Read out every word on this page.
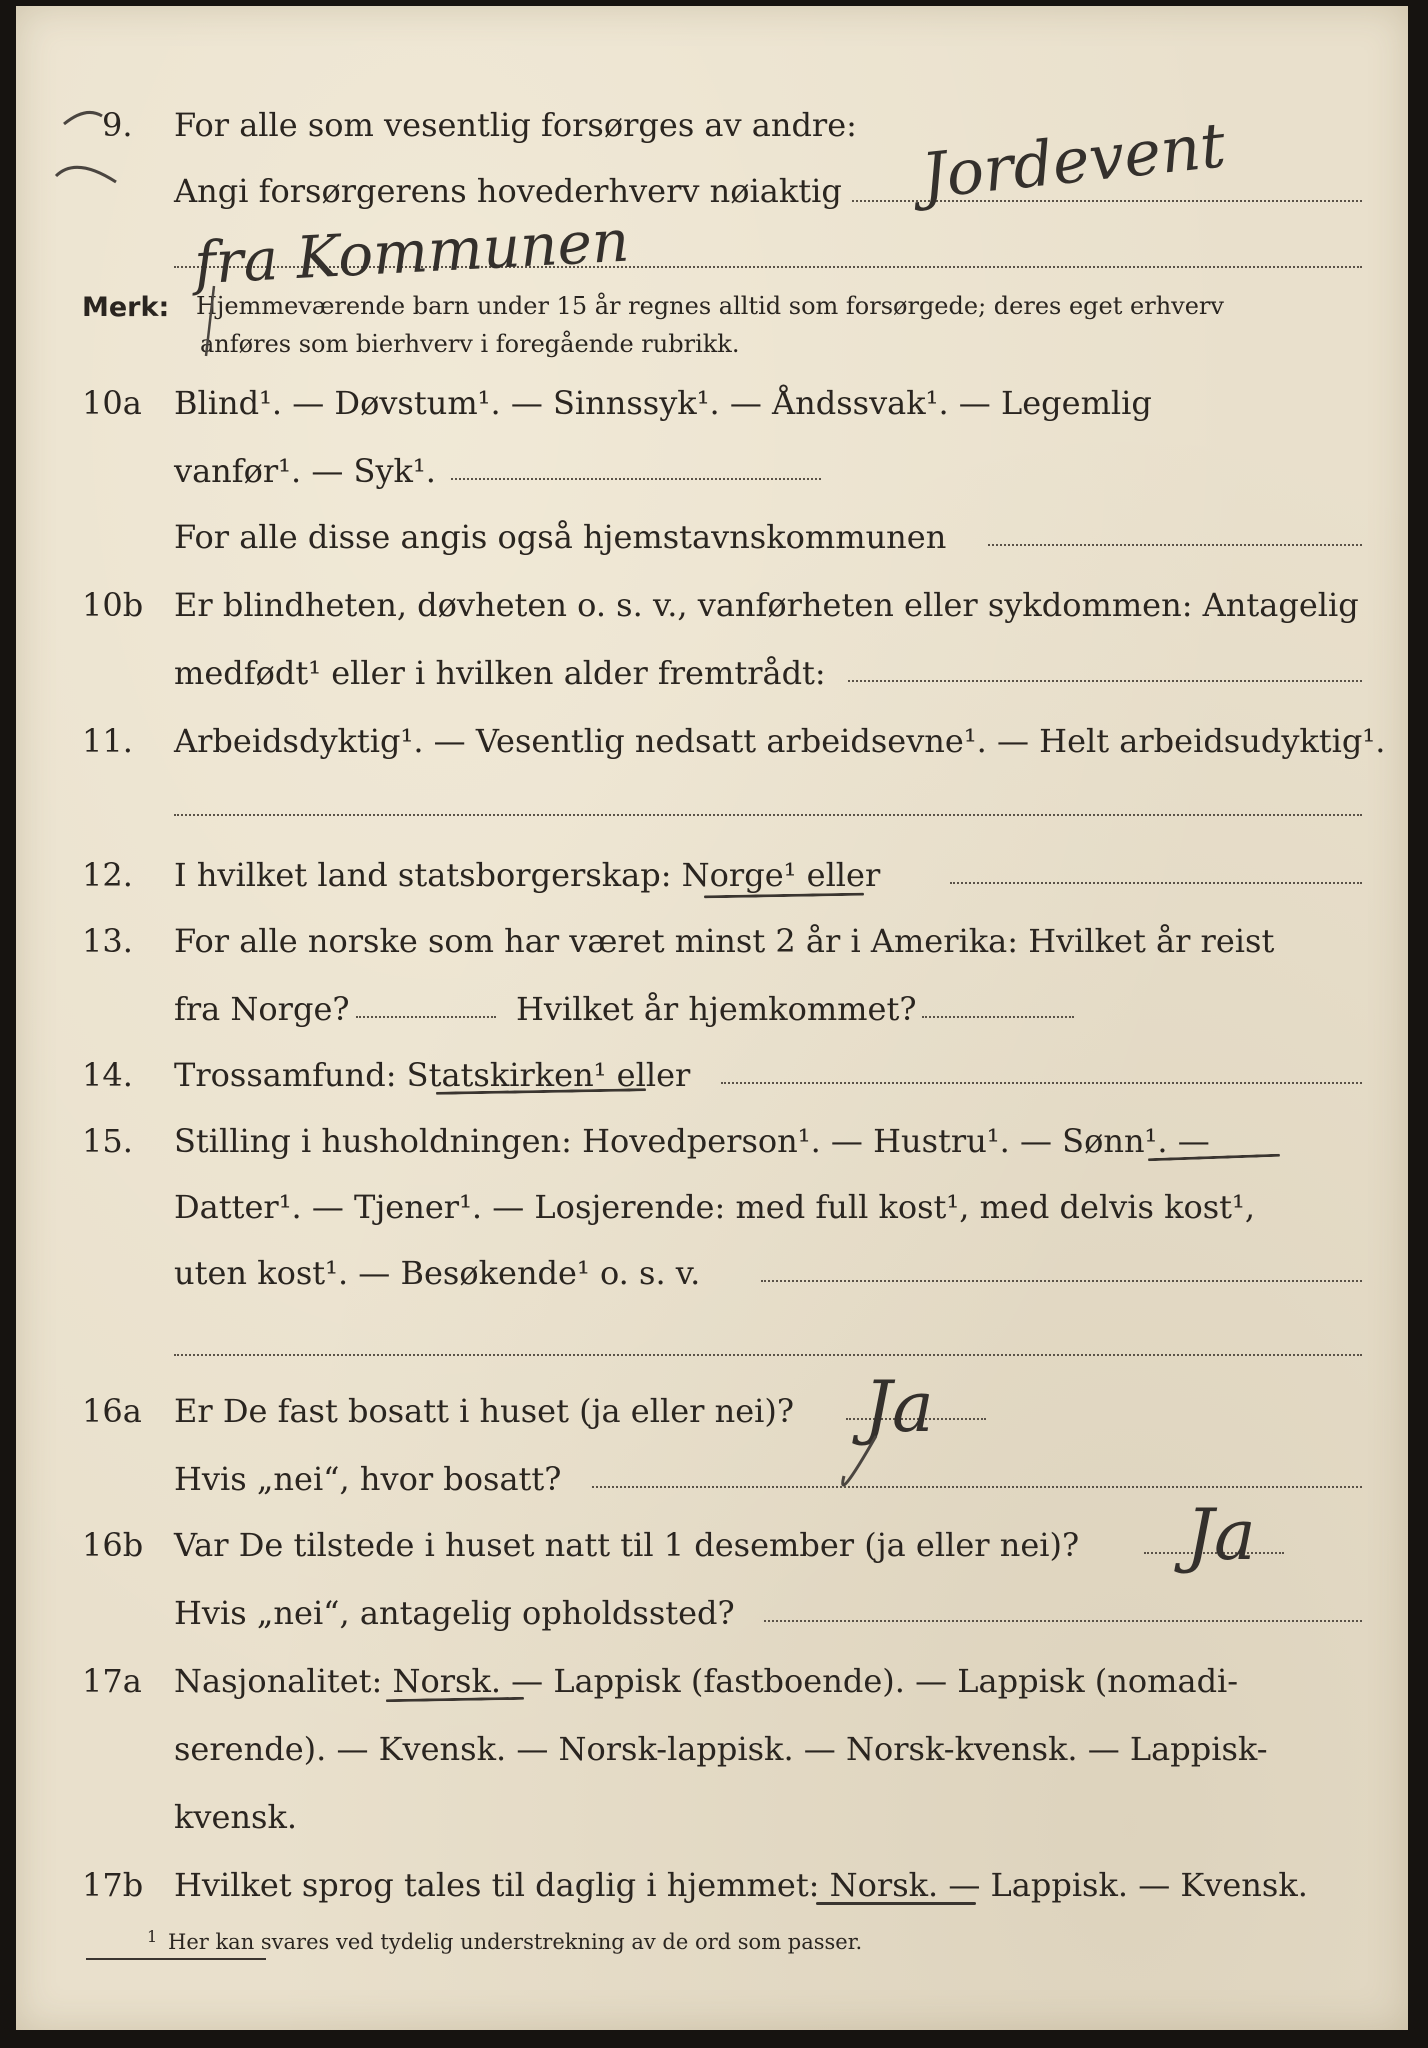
9. For alle som vesentlig forsørges av andre:
Angi forsørgerens hovederhverv nøiaktig Jordevent
fra Kommunen
Merk: Hjemmeværende barn under 15 år regnes alltid som forsørgede; deres eget erhverv
anføres som bierhverv i foregående rubrikk.
10a Blind¹. — Døvstum¹. — Sinnssyk¹. — Åndssvak¹. — Legemlig
vanfør¹. — Syk¹.
For alle disse angis også hjemstavnskommunen
10b Er blindheten, døvheten o. s. v., vanførheten eller sykdommen: Antagelig
medfødt¹ eller i hvilken alder fremtrådt:
11. Arbeidsdyktig¹. — Vesentlig nedsatt arbeidsevne¹. — Helt arbeidsudyktig¹.
12. I hvilket land statsborgerskap: Norge¹ eller
13. For alle norske som har været minst 2 år i Amerika: Hvilket år reist
fra Norge?	Hvilket år hjemkommet?
14. Trossamfund: Statskirken¹ eller
15. Stilling i husholdningen: Hovedperson¹. — Hustru¹. — Sønn¹. —
Datter¹. — Tjener¹. — Losjerende: med full kost¹, med delvis kost¹,
uten kost¹. — Besøkende¹ o. s. v.
16a Er De fast bosatt i huset (ja eller nei)? Ja
Hvis „nei“, hvor bosatt?
16b Var De tilstede i huset natt til 1 desember (ja eller nei)? Ja
Hvis „nei“, antagelig opholdssted?
17a Nasjonalitet: Norsk. — Lappisk (fastboende). — Lappisk (nomadi-
serende). — Kvensk. — Norsk-lappisk. — Norsk-kvensk. — Lappisk-
kvensk.
17b Hvilket sprog tales til daglig i hjemmet: Norsk. — Lappisk. — Kvensk.
1 Her kan svares ved tydelig understrekning av de ord som passer.
